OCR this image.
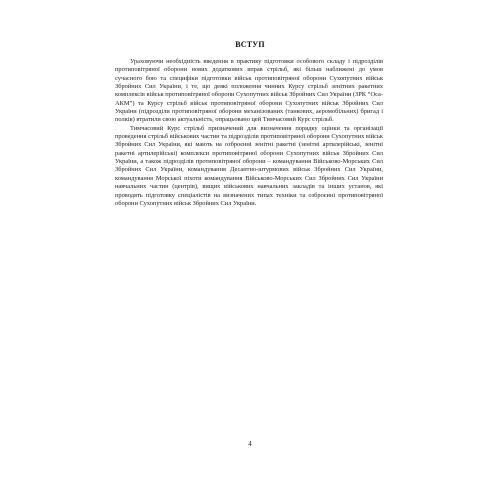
ВСТУП

Ураховуючи необхідність введення в практику підготовки особового складу і підрозділів протиповітряної оборони нових додаткових вправ стрільб, які більш наближені до умов сучасного бою та специфіки підготовки військ протиповітряної оборони Сухопутних військ Збройних Сил України, і те, що деякі положення чинних Курсу стрільб зенітних ракетних комплексів військ протиповітряної оборони Сухопутних військ Збройних Сил України (ЗРК “Оса-АКМ”) та Курсу стрільб військ протиповітряної оборони Сухопутних військ Збройних Сил України (підрозділи протиповітряної оборони механізованих (танкових, аеромобільних) бригад і полків) втратили свою актуальність, опрацьовано цей Тимчасовий Курс стрільб.

Тимчасовий Курс стрільб призначений для визначення порядку оцінки та організації проведення стрільб військових частин та підрозділів протиповітряної оборони Сухопутних військ Збройних Сил України, які мають на озброєнні зенітні ракетні (зенітні артилерійські, зенітні ракетні артилерійські) комплекси протиповітряної оборони Сухопутних військ Збройних Сил України, а також підрозділів протиповітряної оборони – командування Військово-Морських Сил Збройних Сил України, командування Десантно-штурмових військ Збройних Сил України, командування Морської піхоти командування Військово-Морських Сил Збройних Сил України навчальних частин (центрів), вищих військових навчальних закладів та інших установ, які проводять підготовку спеціалістів на визначених типах техніки та озброєнні протиповітряної оборони Сухопутних військ Збройних Сил України.

4
